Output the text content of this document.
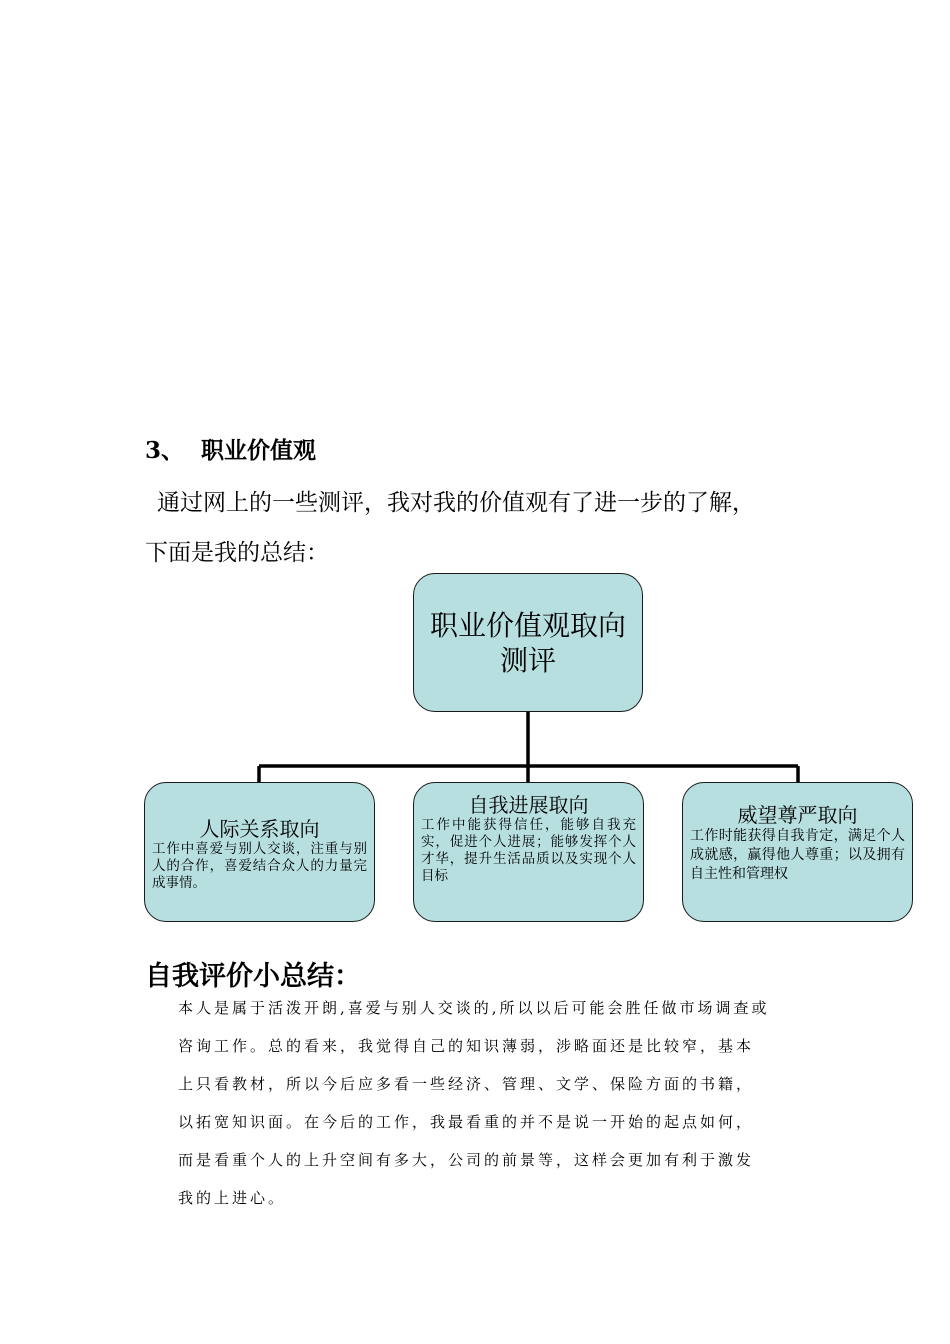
3、 职业价值观
通过网上的一些测评，我对我的价值观有了进一步的了解，
下面是我的总结：
职业价值观取向测评
人际关系取向
工作中喜爱与别人交谈，注重与别人的合作，喜爱结合众人的力量完成事情。
自我进展取向
工作中能获得信任，能够自我充实，促进个人进展；能够发挥个人才华，提升生活品质以及实现个人目标
威望尊严取向
工作时能获得自我肯定，满足个人成就感，赢得他人尊重；以及拥有自主性和管理权
自我评价小总结：
本人是属于活泼开朗,喜爱与别人交谈的,所以以后可能会胜任做市场调查或
咨询工作。总的看来，我觉得自己的知识薄弱，涉略面还是比较窄，基本
上只看教材，所以今后应多看一些经济、管理、文学、保险方面的书籍，
以拓宽知识面。在今后的工作，我最看重的并不是说一开始的起点如何，
而是看重个人的上升空间有多大，公司的前景等，这样会更加有利于激发
我的上进心。
